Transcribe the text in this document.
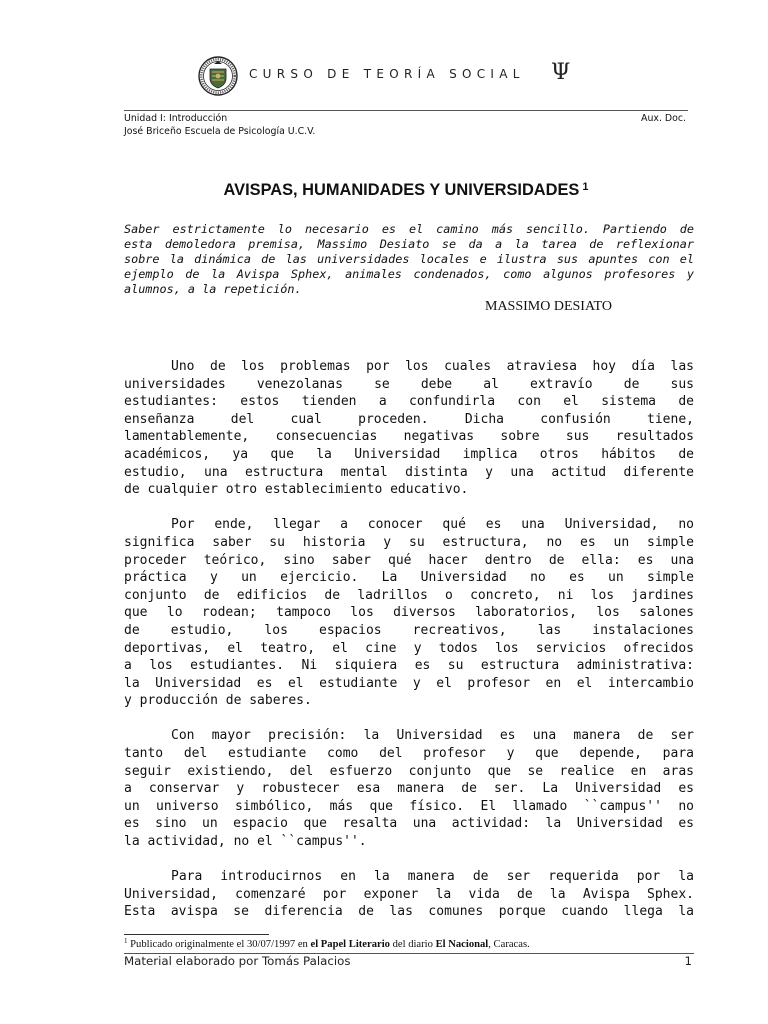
CURSO DE TEORÍA SOCIAL Ψ
Unidad I: Introducción	Aux. Doc.
José Briceño Escuela de Psicología U.C.V.
AVISPAS, HUMANIDADES Y UNIVERSIDADES $^1$
Saber estrictamente lo necesario es el camino más sencillo. Partiendo de
esta demoledora premisa, Massimo Desiato se da a la tarea de reflexionar
sobre la dinámica de las universidades locales e ilustra sus apuntes con el
ejemplo de la Avispa Sphex, animales condenados, como algunos profesores y
alumnos, a la repetición.
MASSIMO DESIATO
Uno de los problemas por los cuales atraviesa hoy día las
universidades venezolanas se debe al extravío de sus
estudiantes: estos tienden a confundirla con el sistema de
enseñanza del cual proceden. Dicha confusión tiene,
lamentablemente, consecuencias negativas sobre sus resultados
académicos, ya que la Universidad implica otros hábitos de
estudio, una estructura mental distinta y una actitud diferente
de cualquier otro establecimiento educativo.
Por ende, llegar a conocer qué es una Universidad, no
significa saber su historia y su estructura, no es un simple
proceder teórico, sino saber qué hacer dentro de ella: es una
práctica y un ejercicio. La Universidad no es un simple
conjunto de edificios de ladrillos o concreto, ni los jardines
que lo rodean; tampoco los diversos laboratorios, los salones
de estudio, los espacios recreativos, las instalaciones
deportivas, el teatro, el cine y todos los servicios ofrecidos
a los estudiantes. Ni siquiera es su estructura administrativa:
la Universidad es el estudiante y el profesor en el intercambio
y producción de saberes.
Con mayor precisión: la Universidad es una manera de ser
tanto del estudiante como del profesor y que depende, para
seguir existiendo, del esfuerzo conjunto que se realice en aras
a conservar y robustecer esa manera de ser. La Universidad es
un universo simbólico, más que físico. El llamado ``campus'' no
es sino un espacio que resalta una actividad: la Universidad es
la actividad, no el ``campus''.
Para introducirnos en la manera de ser requerida por la
Universidad, comenzaré por exponer la vida de la Avispa Sphex.
Esta avispa se diferencia de las comunes porque cuando llega la
$^1$ Publicado originalmente el 30/07/1997 en el Papel Literario del diario El Nacional, Caracas.
Material elaborado por Tomás Palacios	1
